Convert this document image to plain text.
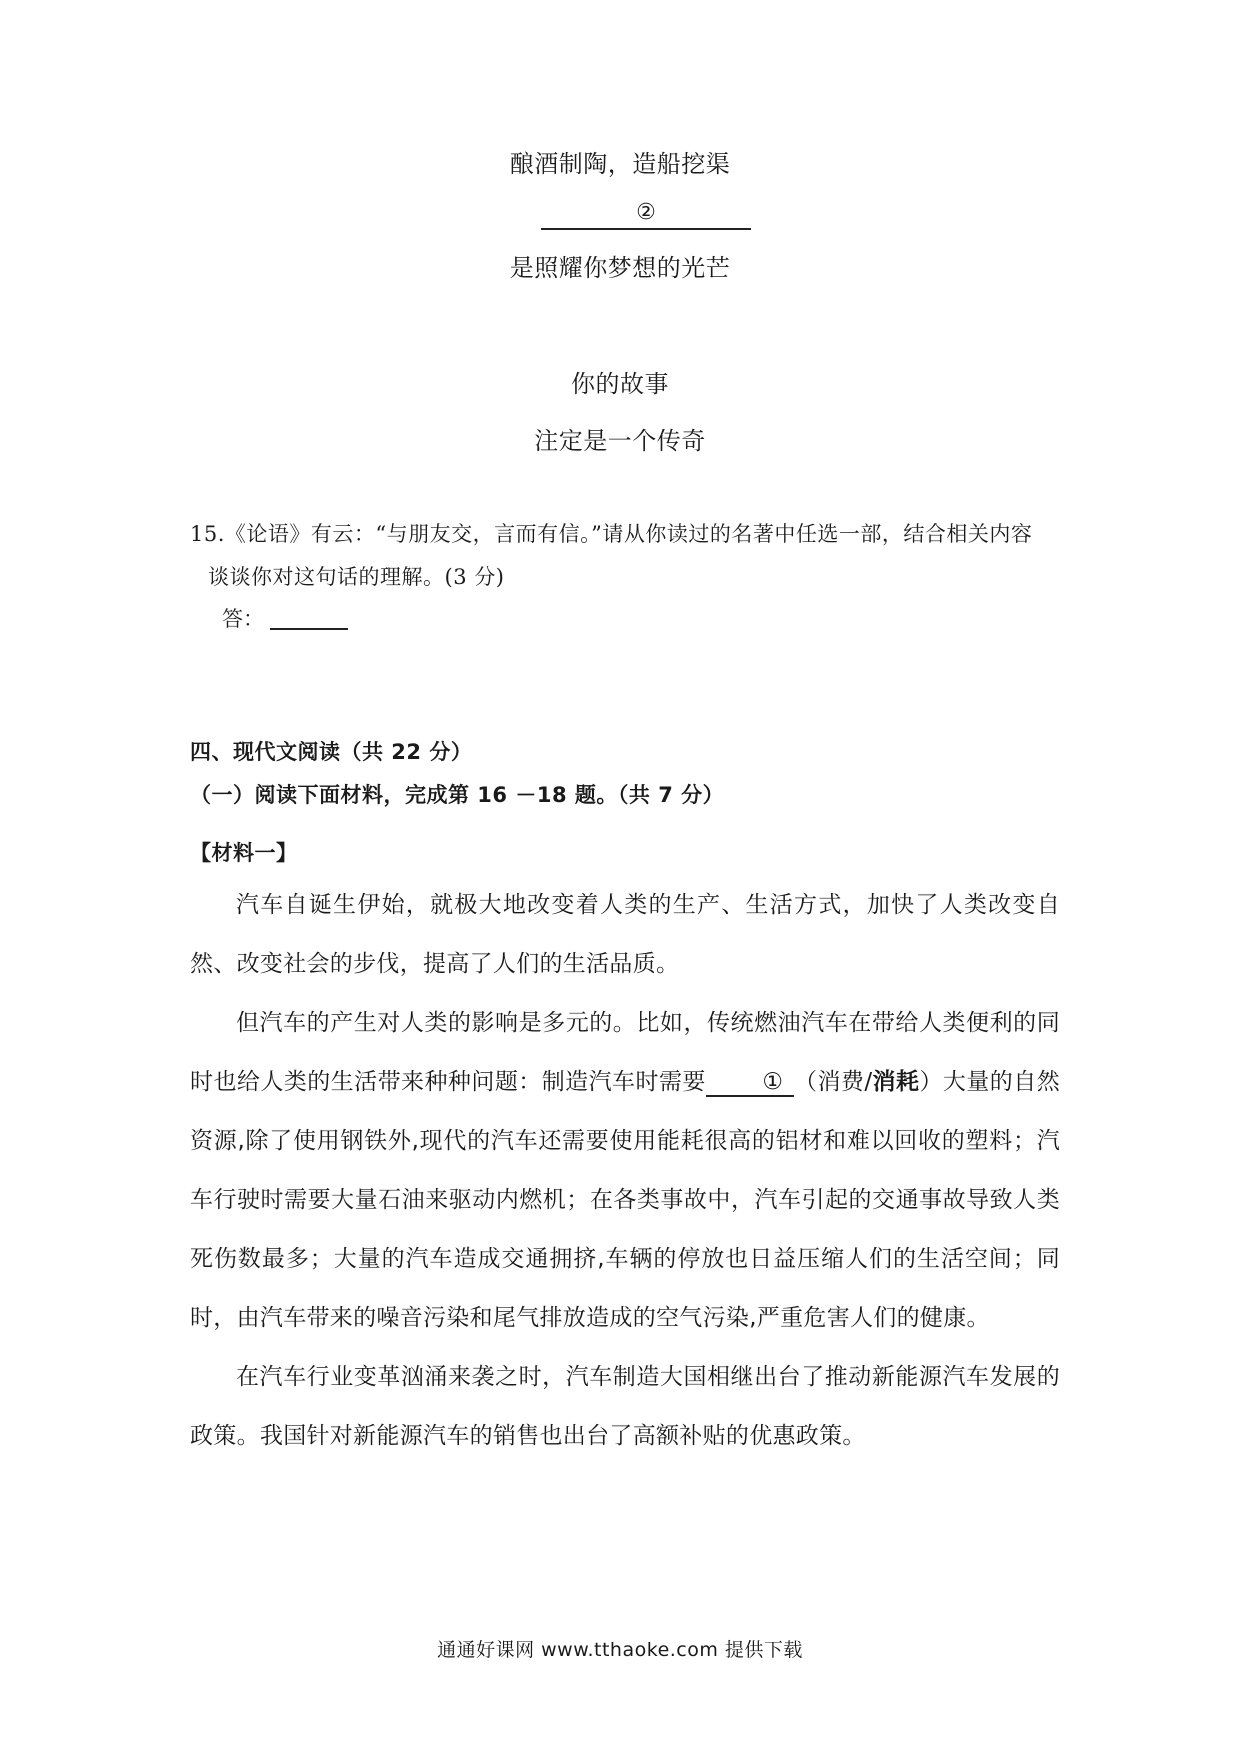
酿酒制陶，造船挖渠
②
是照耀你梦想的光芒
你的故事
注定是一个传奇
15.《论语》有云：“与朋友交，言而有信。”请从你读过的名著中任选一部，结合相关内容
谈谈你对这句话的理解。(3 分)
答：
四、现代文阅读（共 22 分）
（一）阅读下面材料，完成第 16 －18 题。（共 7 分）
【材料一】

汽车自诞生伊始，就极大地改变着人类的生产、生活方式，加快了人类改变自然、改变社会的步伐，提高了人们的生活品质。

但汽车的产生对人类的影响是多元的。比如，传统燃油汽车在带给人类便利的同时也给人类的生活带来种种问题：制造汽车时需要 ① （消费/消耗）大量的自然资源,除了使用钢铁外,现代的汽车还需要使用能耗很高的铝材和难以回收的塑料；汽车行驶时需要大量石油来驱动内燃机；在各类事故中，汽车引起的交通事故导致人类死伤数最多；大量的汽车造成交通拥挤,车辆的停放也日益压缩人们的生活空间；同时，由汽车带来的噪音污染和尾气排放造成的空气污染,严重危害人们的健康。

在汽车行业变革汹涌来袭之时，汽车制造大国相继出台了推动新能源汽车发展的政策。我国针对新能源汽车的销售也出台了高额补贴的优惠政策。

通通好课网 www.tthaoke.com 提供下载
